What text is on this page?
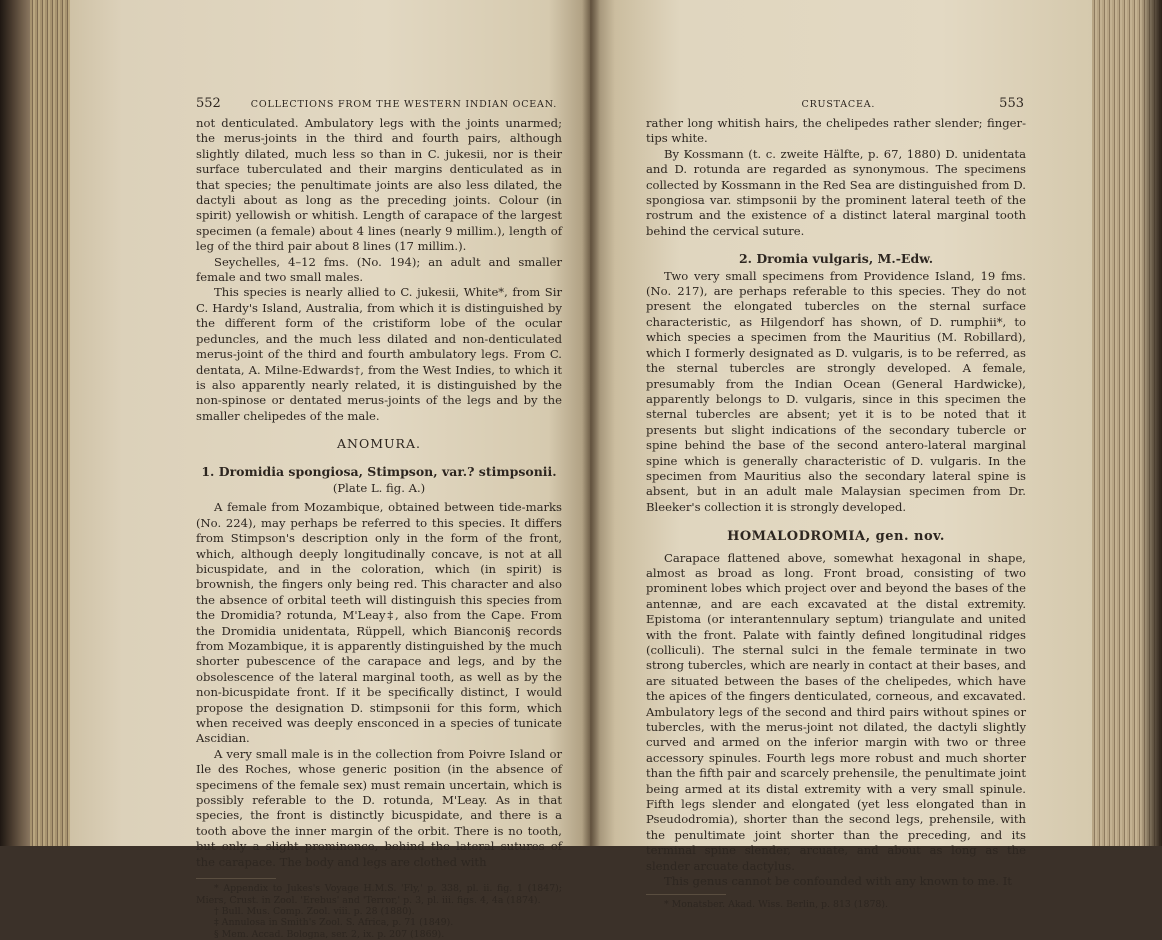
552	COLLECTIONS FROM THE WESTERN INDIAN OCEAN.

not denticulated. Ambulatory legs with the joints unarmed; the merus-joints in the third and fourth pairs, although slightly dilated, much less so than in C. jukesii, nor is their surface tuberculated and their margins denticulated as in that species; the penultimate joints are also less dilated, the dactyli about as long as the preceding joints. Colour (in spirit) yellowish or whitish. Length of carapace of the largest specimen (a female) about 4 lines (nearly 9 millim.), length of leg of the third pair about 8 lines (17 millim.).

Seychelles, 4–12 fms. (No. 194); an adult and smaller female and two small males.

This species is nearly allied to C. jukesii, White*, from Sir C. Hardy's Island, Australia, from which it is distinguished by the different form of the cristiform lobe of the ocular peduncles, and the much less dilated and non-denticulated merus-joint of the third and fourth ambulatory legs. From C. dentata, A. Milne-Edwards†, from the West Indies, to which it is also apparently nearly related, it is distinguished by the non-spinose or dentated merus-joints of the legs and by the smaller chelipedes of the male.

ANOMURA.
1. Dromidia spongiosa, Stimpson, var.? stimpsonii.
(Plate L. fig. A.)

A female from Mozambique, obtained between tide-marks (No. 224), may perhaps be referred to this species. It differs from Stimpson's description only in the form of the front, which, although deeply longitudinally concave, is not at all bicuspidate, and in the coloration, which (in spirit) is brownish, the fingers only being red. This character and also the absence of orbital teeth will distinguish this species from the Dromidia? rotunda, M'Leay‡, also from the Cape. From the Dromidia unidentata, Rüppell, which Bianconi§ records from Mozambique, it is apparently distinguished by the much shorter pubescence of the carapace and legs, and by the obsolescence of the lateral marginal tooth, as well as by the non-bicuspidate front. If it be specifically distinct, I would propose the designation D. stimpsonii for this form, which when received was deeply ensconced in a species of tunicate Ascidian.

A very small male is in the collection from Poivre Island or Ile des Roches, whose generic position (in the absence of specimens of the female sex) must remain uncertain, which is possibly referable to the D. rotunda, M'Leay. As in that species, the front is distinctly bicuspidate, and there is a tooth above the inner margin of the orbit. There is no tooth, but only a slight prominence, behind the lateral sutures of the carapace. The body and legs are clothed with

* Appendix to Jukes's Voyage H.M.S. 'Fly,' p. 338, pl. ii. fig. 1 (1847); Miers, Crust. in Zool. 'Erebus' and 'Terror,' p. 3, pl. iii. figs. 4, 4a (1874).

† Bull. Mus. Comp. Zool. viii. p. 28 (1880).

‡ Annulosa in Smith's Zool. S. Africa, p. 71 (1849).

§ Mem. Accad. Bologna, ser. 2, ix. p. 207 (1869).

CRUSTACEA.	553

rather long whitish hairs, the chelipedes rather slender; finger-tips white.

By Kossmann (t. c. zweite Hälfte, p. 67, 1880) D. unidentata and D. rotunda are regarded as synonymous. The specimens collected by Kossmann in the Red Sea are distinguished from D. spongiosa var. stimpsonii by the prominent lateral teeth of the rostrum and the existence of a distinct lateral marginal tooth behind the cervical suture.

2. Dromia vulgaris, M.-Edw.

Two very small specimens from Providence Island, 19 fms. (No. 217), are perhaps referable to this species. They do not present the elongated tubercles on the sternal surface characteristic, as Hilgendorf has shown, of D. rumphii*, to which species a specimen from the Mauritius (M. Robillard), which I formerly designated as D. vulgaris, is to be referred, as the sternal tubercles are strongly developed. A female, presumably from the Indian Ocean (General Hardwicke), apparently belongs to D. vulgaris, since in this specimen the sternal tubercles are absent; yet it is to be noted that it presents but slight indications of the secondary tubercle or spine behind the base of the second antero-lateral marginal spine which is generally characteristic of D. vulgaris. In the specimen from Mauritius also the secondary lateral spine is absent, but in an adult male Malaysian specimen from Dr. Bleeker's collection it is strongly developed.

HOMALODROMIA, gen. nov.

Carapace flattened above, somewhat hexagonal in shape, almost as broad as long. Front broad, consisting of two prominent lobes which project over and beyond the bases of the antennæ, and are each excavated at the distal extremity. Epistoma (or interantennulary septum) triangulate and united with the front. Palate with faintly defined longitudinal ridges (colliculi). The sternal sulci in the female terminate in two strong tubercles, which are nearly in contact at their bases, and are situated between the bases of the chelipedes, which have the apices of the fingers denticulated, corneous, and excavated. Ambulatory legs of the second and third pairs without spines or tubercles, with the merus-joint not dilated, the dactyli slightly curved and armed on the inferior margin with two or three accessory spinules. Fourth legs more robust and much shorter than the fifth pair and scarcely prehensile, the penultimate joint being armed at its distal extremity with a very small spinule. Fifth legs slender and elongated (yet less elongated than in Pseudodromia), shorter than the second legs, prehensile, with the penultimate joint shorter than the preceding, and its terminal spine slender, arcuate, and about as long as the slender arcuate dactylus.

This genus cannot be confounded with any known to me. It

* Monatsber. Akad. Wiss. Berlin, p. 813 (1878).
